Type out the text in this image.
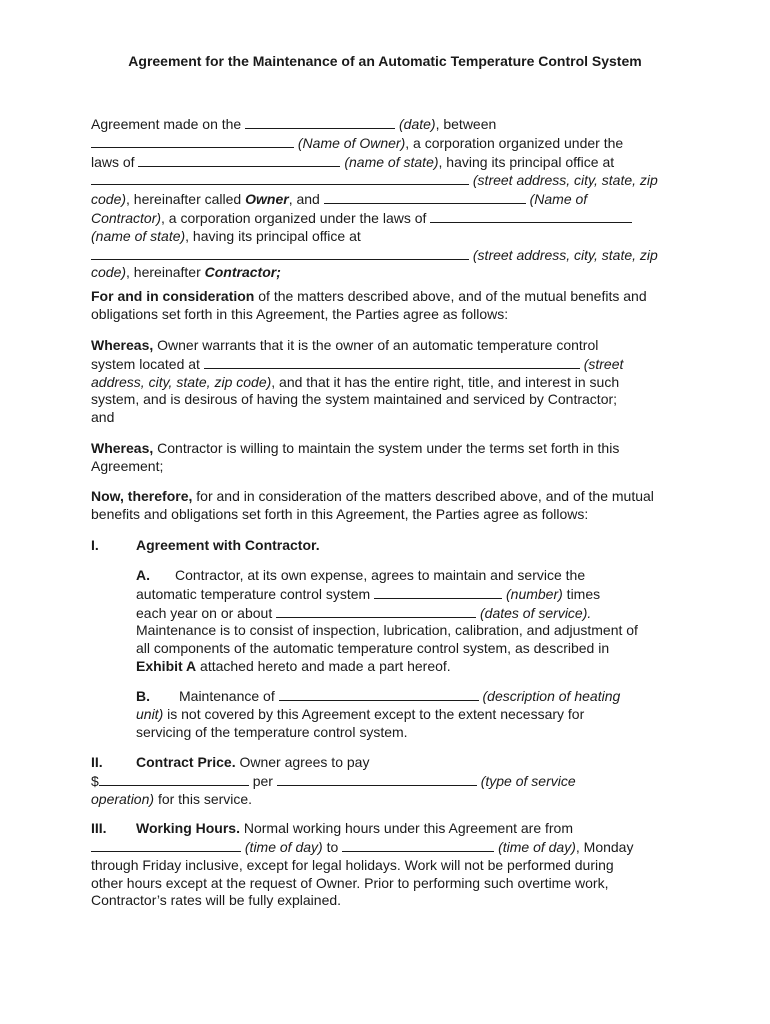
Agreement for the Maintenance of an Automatic Temperature Control System
Agreement made on the	(date), between
(Name of Owner), a corporation organized under the
laws of	(name of state), having its principal office at
(street address, city, state, zip
code), hereinafter called Owner, and	(Name of
Contractor), a corporation organized under the laws of
(name of state), having its principal office at
(street address, city, state, zip
code), hereinafter Contractor;
For and in consideration of the matters described above, and of the mutual benefits and obligations set forth in this Agreement, the Parties agree as follows:
Whereas, Owner warrants that it is the owner of an automatic temperature control
system located at	(street
address, city, state, zip code), and that it has the entire right, title, and interest in such
system, and is desirous of having the system maintained and serviced by Contractor;
and
Whereas, Contractor is willing to maintain the system under the terms set forth in this Agreement;
Now, therefore, for and in consideration of the matters described above, and of the mutual benefits and obligations set forth in this Agreement, the Parties agree as follows:
I.	Agreement with Contractor.
A. Contractor, at its own expense, agrees to maintain and service the
automatic temperature control system	(number) times
each year on or about	(dates of service).
Maintenance is to consist of inspection, lubrication, calibration, and adjustment of
all components of the automatic temperature control system, as described in
Exhibit A attached hereto and made a part hereof.
B. Maintenance of	(description of heating
unit) is not covered by this Agreement except to the extent necessary for
servicing of the temperature control system.
II. Contract Price. Owner agrees to pay
$	per	(type of service
operation) for this service.
III. Working Hours. Normal working hours under this Agreement are from
(time of day) to	(time of day), Monday
through Friday inclusive, except for legal holidays. Work will not be performed during
other hours except at the request of Owner. Prior to performing such overtime work,
Contractor’s rates will be fully explained.
